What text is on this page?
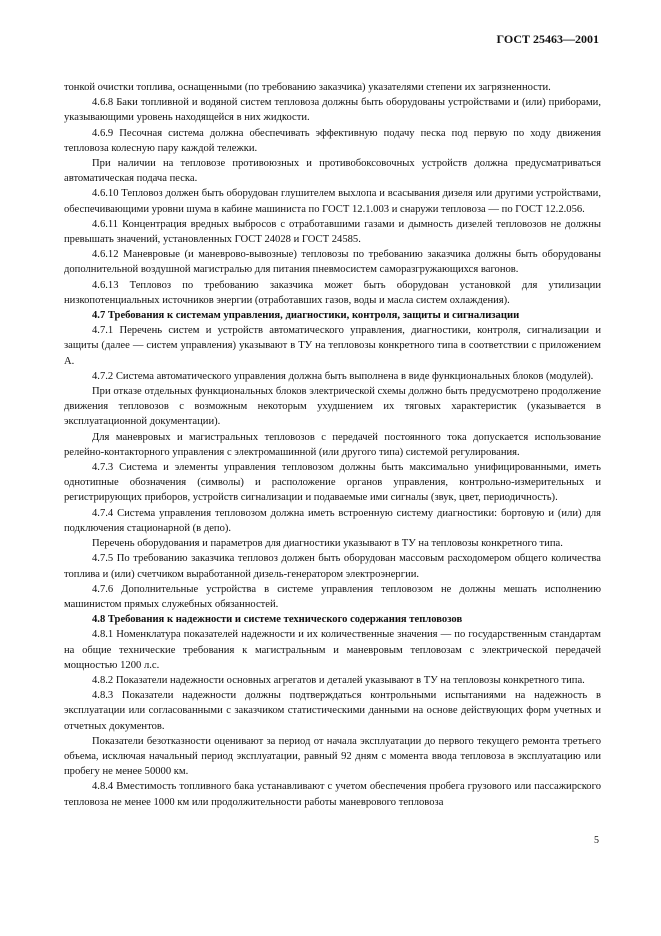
ГОСТ 25463—2001

тонкой очистки топлива, оснащенными (по требованию заказчика) указателями степени их загрязненности.

4.6.8 Баки топливной и водяной систем тепловоза должны быть оборудованы устройствами и (или) приборами, указывающими уровень находящейся в них жидкости.

4.6.9 Песочная система должна обеспечивать эффективную подачу песка под первую по ходу движения тепловоза колесную пару каждой тележки.

При наличии на тепловозе противоюзных и противобоксовочных устройств должна предусматриваться автоматическая подача песка.

4.6.10 Тепловоз должен быть оборудован глушителем выхлопа и всасывания дизеля или другими устройствами, обеспечивающими уровни шума в кабине машиниста по ГОСТ 12.1.003 и снаружи тепловоза — по ГОСТ 12.2.056.

4.6.11 Концентрация вредных выбросов с отработавшими газами и дымность дизелей тепловозов не должны превышать значений, установленных ГОСТ 24028 и ГОСТ 24585.

4.6.12 Маневровые (и маневрово-вывозные) тепловозы по требованию заказчика должны быть оборудованы дополнительной воздушной магистралью для питания пневмосистем саморазгружающихся вагонов.

4.6.13 Тепловоз по требованию заказчика может быть оборудован установкой для утилизации низкопотенциальных источников энергии (отработавших газов, воды и масла систем охлаждения).

4.7 Требования к системам управления, диагностики, контроля, защиты и сигнализации

4.7.1 Перечень систем и устройств автоматического управления, диагностики, контроля, сигнализации и защиты (далее — систем управления) указывают в ТУ на тепловозы конкретного типа в соответствии с приложением А.

4.7.2 Система автоматического управления должна быть выполнена в виде функциональных блоков (модулей).

При отказе отдельных функциональных блоков электрической схемы должно быть предусмотрено продолжение движения тепловозов с возможным некоторым ухудшением их тяговых характеристик (указывается в эксплуатационной документации).

Для маневровых и магистральных тепловозов с передачей постоянного тока допускается использование релейно-контакторного управления с электромашинной (или другого типа) системой регулирования.

4.7.3 Система и элементы управления тепловозом должны быть максимально унифицированными, иметь однотипные обозначения (символы) и расположение органов управления, контрольно-измерительных и регистрирующих приборов, устройств сигнализации и подаваемые ими сигналы (звук, цвет, периодичность).

4.7.4 Система управления тепловозом должна иметь встроенную систему диагностики: бортовую и (или) для подключения стационарной (в депо).

Перечень оборудования и параметров для диагностики указывают в ТУ на тепловозы конкретного типа.

4.7.5 По требованию заказчика тепловоз должен быть оборудован массовым расходомером общего количества топлива и (или) счетчиком выработанной дизель-генератором электроэнергии.

4.7.6 Дополнительные устройства в системе управления тепловозом не должны мешать исполнению машинистом прямых служебных обязанностей.

4.8 Требования к надежности и системе технического содержания тепловозов

4.8.1 Номенклатура показателей надежности и их количественные значения — по государственным стандартам на общие технические требования к магистральным и маневровым тепловозам с электрической передачей мощностью 1200 л.с.

4.8.2 Показатели надежности основных агрегатов и деталей указывают в ТУ на тепловозы конкретного типа.

4.8.3 Показатели надежности должны подтверждаться контрольными испытаниями на надежность в эксплуатации или согласованными с заказчиком статистическими данными на основе действующих форм учетных и отчетных документов.

Показатели безотказности оценивают за период от начала эксплуатации до первого текущего ремонта третьего объема, исключая начальный период эксплуатации, равный 92 дням с момента ввода тепловоза в эксплуатацию или пробегу не менее 50000 км.

4.8.4 Вместимость топливного бака устанавливают с учетом обеспечения пробега грузового или пассажирского тепловоза не менее 1000 км или продолжительности работы маневрового тепловоза

5
